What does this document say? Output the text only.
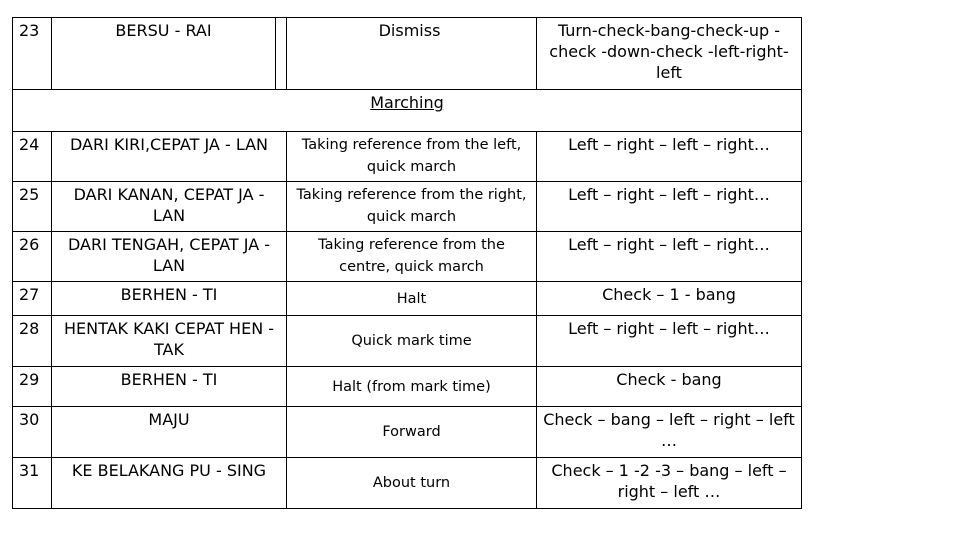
23	BERSU - RAI		Dismiss	Turn-check-bang-check-up -check -down-check -left-right-left
Marching				
24	DARI KIRI,CEPAT JA - LAN		Taking reference from the left, quick march	Left – right – left – right…
25	DARI KANAN, CEPAT JA - LAN		Taking reference from the right, quick march	Left – right – left – right…
26	DARI TENGAH, CEPAT JA - LAN		Taking reference from the centre, quick march	Left – right – left – right…
27	BERHEN - TI		Halt	Check – 1 - bang
28	HENTAK KAKI CEPAT HEN - TAK		Quick mark time	Left – right – left – right…
29	BERHEN - TI		Halt (from mark time)	Check - bang
30	MAJU		Forward	Check – bang – left – right – left …
31	KE BELAKANG PU - SING		About turn	Check – 1 -2 -3 – bang – left – right – left …
